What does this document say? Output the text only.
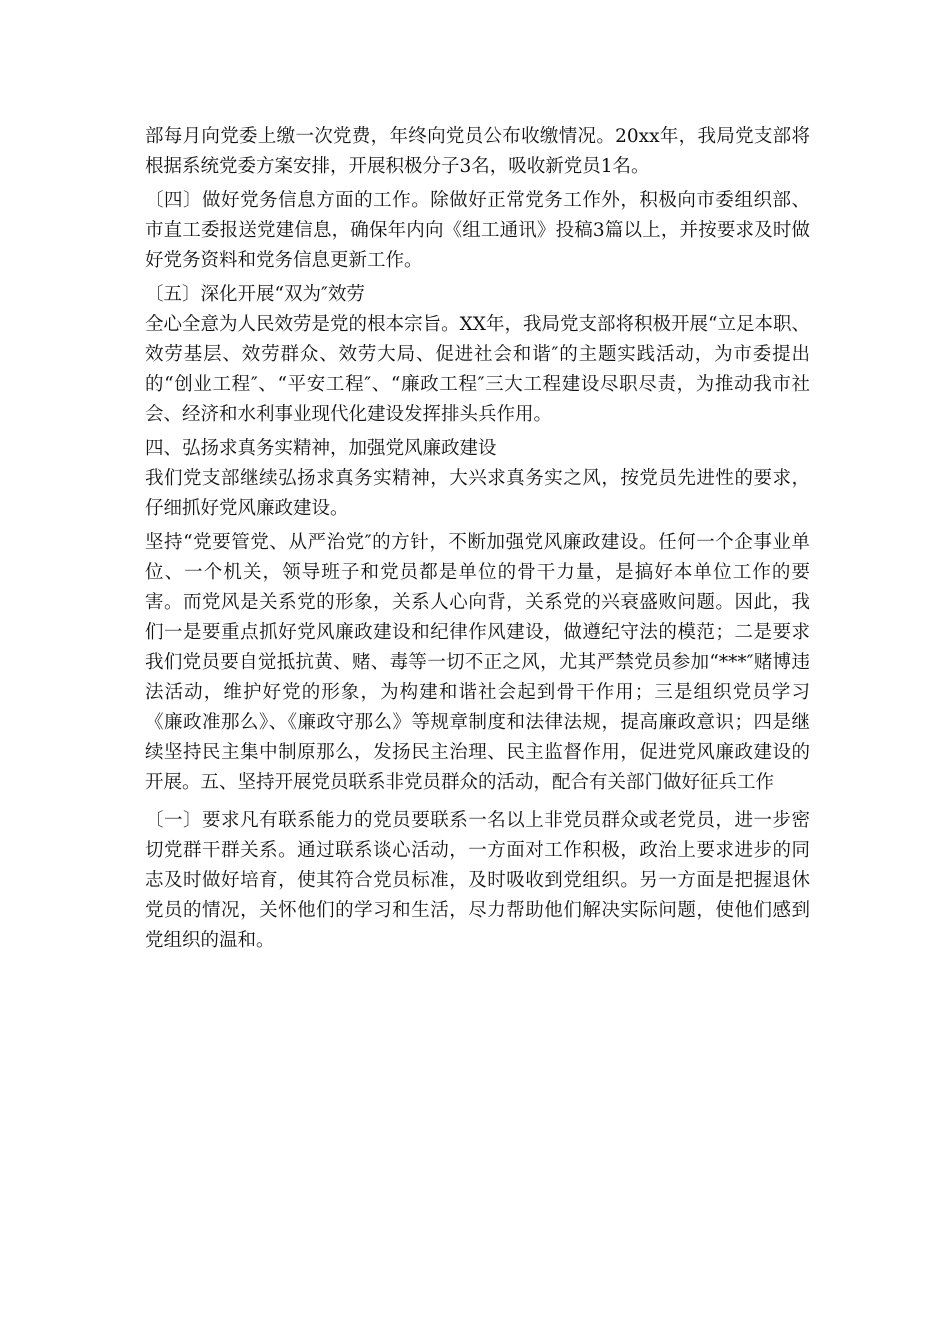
部每月向党委上缴一次党费，年终向党员公布收缴情况。20xx年，我局党支部将根据系统党委方案安排，开展积极分子3名，吸收新党员1名。

〔四〕做好党务信息方面的工作。除做好正常党务工作外，积极向市委组织部、市直工委报送党建信息，确保年内向《组工通讯》投稿3篇以上，并按要求及时做好党务资料和党务信息更新工作。

〔五〕深化开展“双为″效劳

全心全意为人民效劳是党的根本宗旨。XX年，我局党支部将积极开展“立足本职、效劳基层、效劳群众、效劳大局、促进社会和谐″的主题实践活动，为市委提出的“创业工程″、“平安工程″、“廉政工程″三大工程建设尽职尽责，为推动我市社会、经济和水利事业现代化建设发挥排头兵作用。

四、弘扬求真务实精神，加强党风廉政建设

我们党支部继续弘扬求真务实精神，大兴求真务实之风，按党员先进性的要求，仔细抓好党风廉政建设。

坚持“党要管党、从严治党″的方针，不断加强党风廉政建设。任何一个企事业单位、一个机关，领导班子和党员都是单位的骨干力量，是搞好本单位工作的要害。而党风是关系党的形象，关系人心向背，关系党的兴衰盛败问题。因此，我们一是要重点抓好党风廉政建设和纪律作风建设，做遵纪守法的模范；二是要求我们党员要自觉抵抗黄、赌、毒等一切不正之风，尤其严禁党员参加“***″赌博违法活动，维护好党的形象，为构建和谐社会起到骨干作用；三是组织党员学习《廉政准那么》、《廉政守那么》等规章制度和法律法规，提高廉政意识；四是继续坚持民主集中制原那么，发扬民主治理、民主监督作用，促进党风廉政建设的开展。五、坚持开展党员联系非党员群众的活动，配合有关部门做好征兵工作

〔一〕要求凡有联系能力的党员要联系一名以上非党员群众或老党员，进一步密切党群干群关系。通过联系谈心活动，一方面对工作积极，政治上要求进步的同志及时做好培育，使其符合党员标准，及时吸收到党组织。另一方面是把握退休党员的情况，关怀他们的学习和生活，尽力帮助他们解决实际问题，使他们感到党组织的温和。
